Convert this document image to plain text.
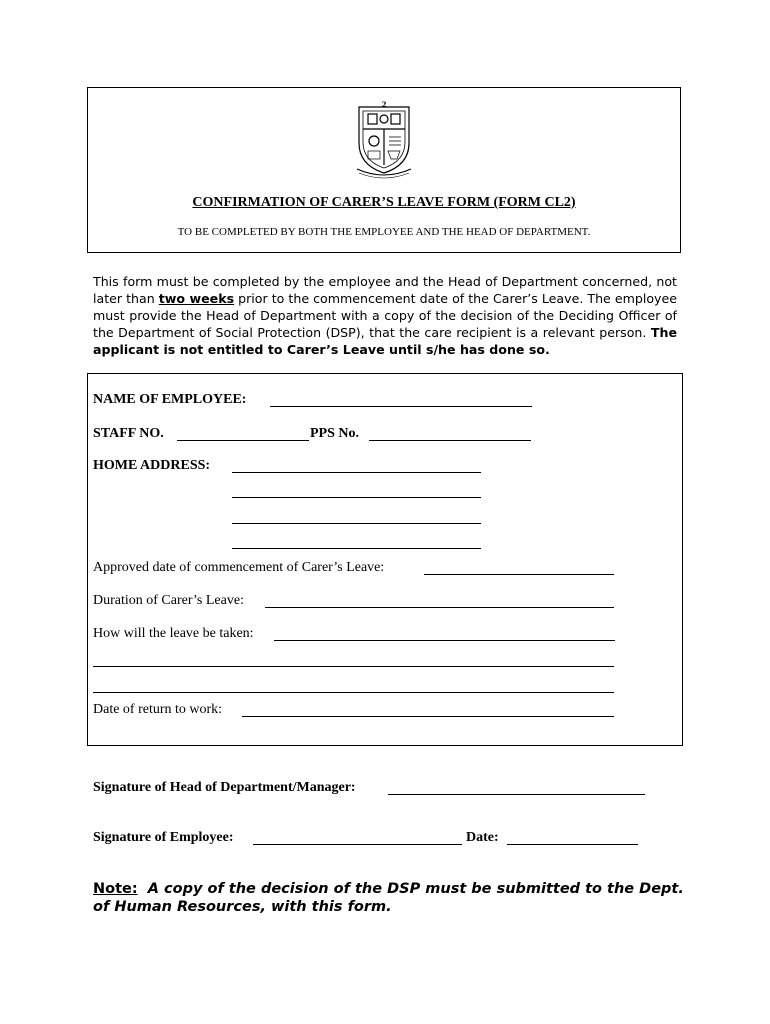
2
CONFIRMATION OF CARER’S LEAVE FORM (FORM CL2)
TO BE COMPLETED BY BOTH THE EMPLOYEE AND THE HEAD OF DEPARTMENT.
This form must be completed by the employee and the Head of Department concerned, not later than two weeks prior to the commencement date of the Carer’s Leave. The employee must provide the Head of Department with a copy of the decision of the Deciding Officer of the Department of Social Protection (DSP), that the care recipient is a relevant person. The applicant is not entitled to Carer’s Leave until s/he has done so.
NAME OF EMPLOYEE:
STAFF NO.	PPS No.
HOME ADDRESS:
Approved date of commencement of Carer’s Leave:
Duration of Carer’s Leave:
How will the leave be taken:
Date of return to work:
Signature of Head of Department/Manager:
Signature of Employee:	Date:
Note: A copy of the decision of the DSP must be submitted to the Dept. of Human Resources, with this form.
